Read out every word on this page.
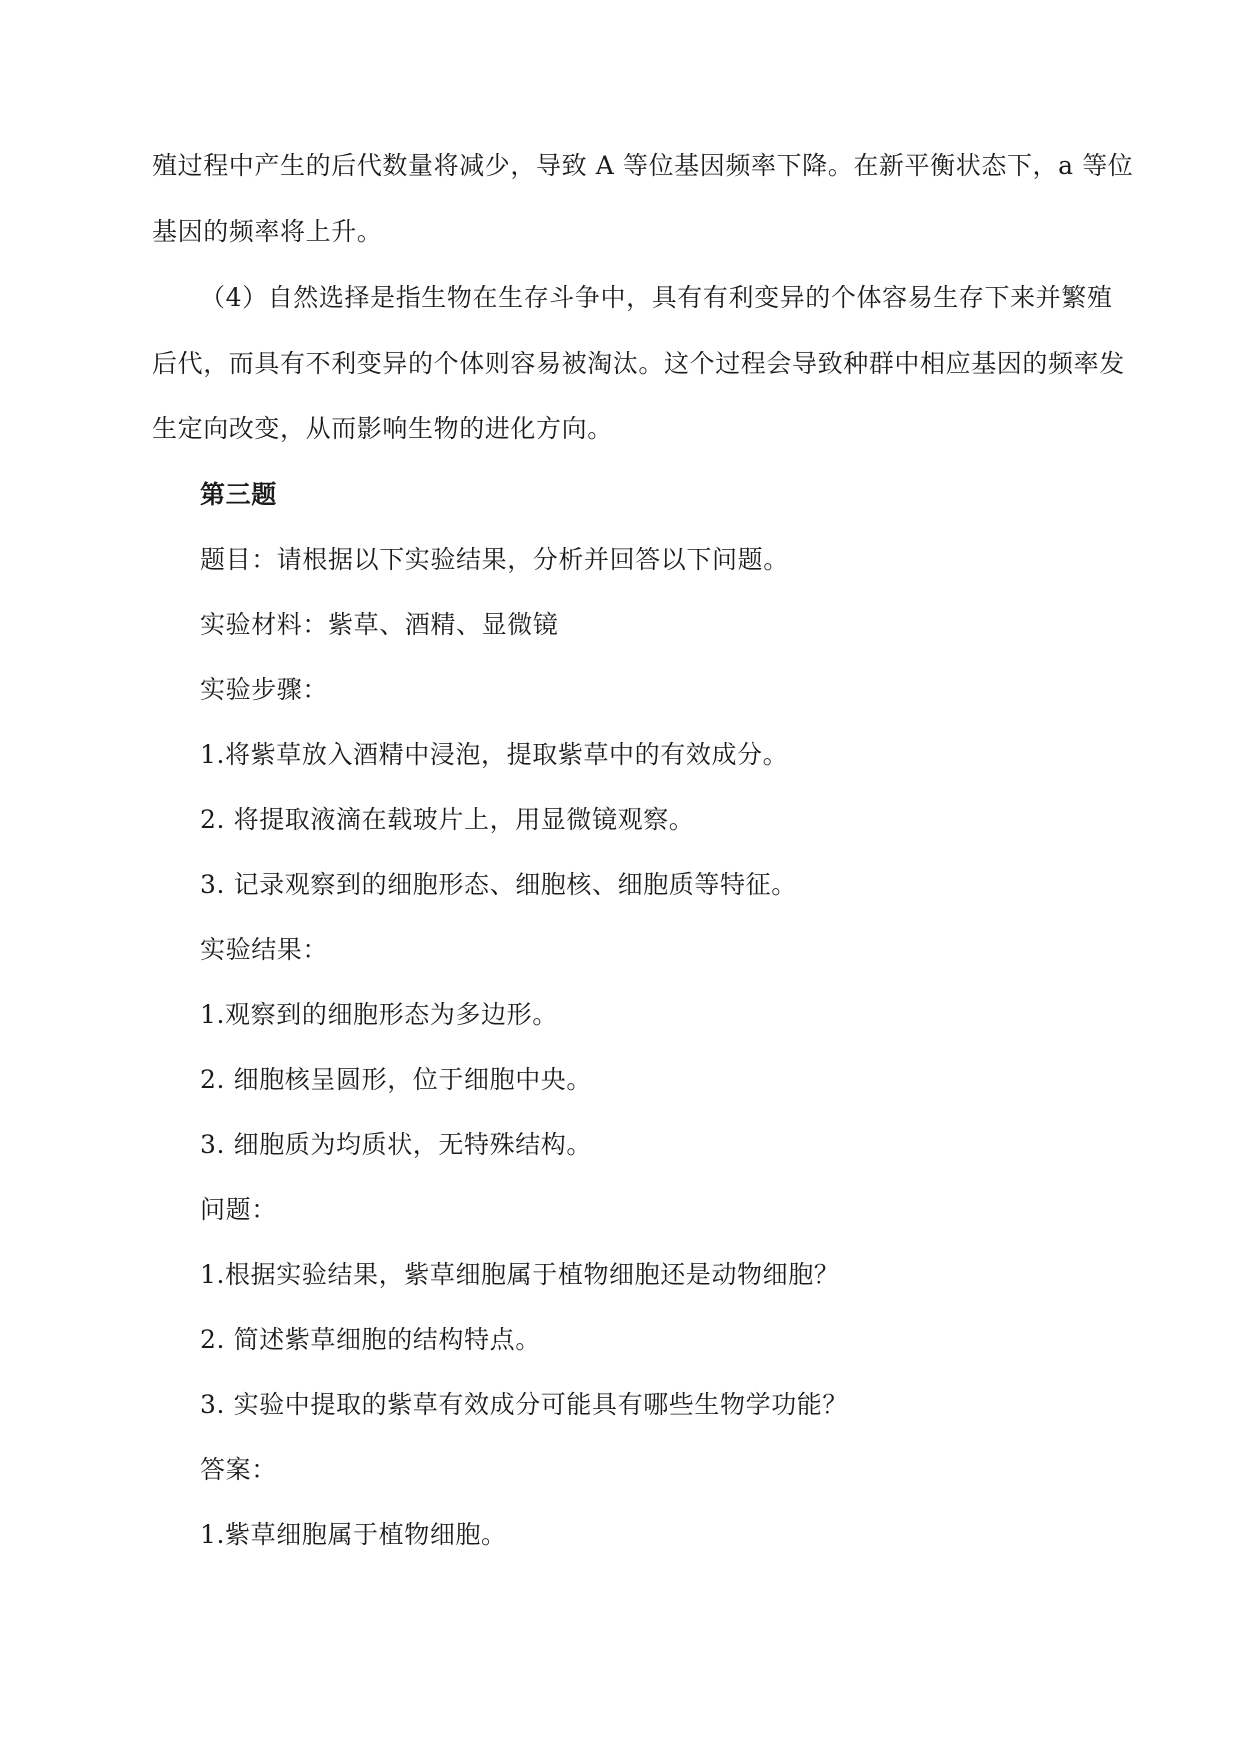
殖过程中产生的后代数量将减少，导致 A 等位基因频率下降。在新平衡状态下，a 等位
基因的频率将上升。
（4）自然选择是指生物在生存斗争中，具有有利变异的个体容易生存下来并繁殖
后代，而具有不利变异的个体则容易被淘汰。这个过程会导致种群中相应基因的频率发
生定向改变，从而影响生物的进化方向。
第三题
题目：请根据以下实验结果，分析并回答以下问题。
实验材料：紫草、酒精、显微镜
实验步骤：
1.将紫草放入酒精中浸泡，提取紫草中的有效成分。
2. 将提取液滴在载玻片上，用显微镜观察。
3. 记录观察到的细胞形态、细胞核、细胞质等特征。
实验结果：
1.观察到的细胞形态为多边形。
2. 细胞核呈圆形，位于细胞中央。
3. 细胞质为均质状，无特殊结构。
问题：
1.根据实验结果，紫草细胞属于植物细胞还是动物细胞？
2. 简述紫草细胞的结构特点。
3. 实验中提取的紫草有效成分可能具有哪些生物学功能？
答案：
1.紫草细胞属于植物细胞。
